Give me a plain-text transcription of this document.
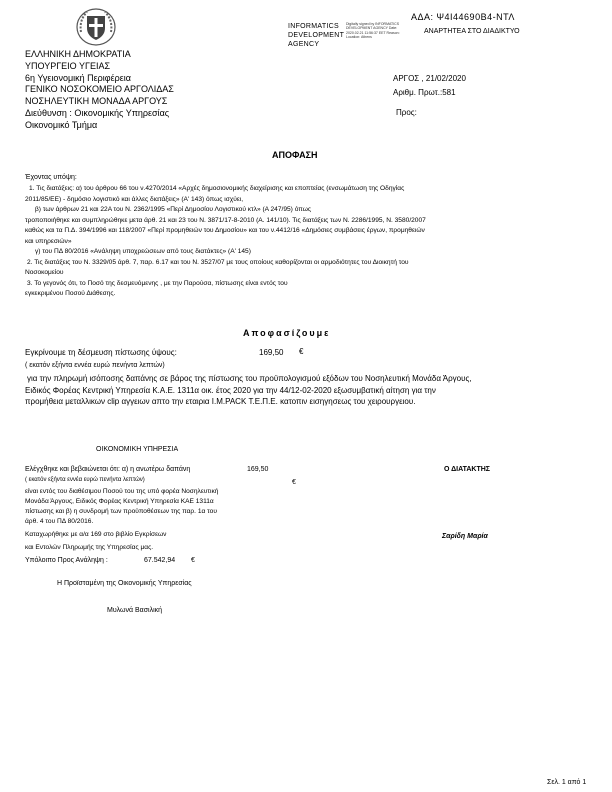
INFORMATICS
DEVELOPMENT
AGENCY
Digitally signed by INFORMATICS DEVELOPMENT AGENCY Date: 2020.02.21 11:56:37 EET Reason: Location: Athens
ΑΔΑ: Ψ4Ι44690Β4-ΝΤΛ
ΑΝΑΡΤΗΤΕΑ ΣΤΟ ΔΙΑΔΙΚΤΥΟ
ΕΛΛΗΝΙΚΗ ΔΗΜΟΚΡΑΤΙΑ
ΥΠΟΥΡΓΕΙΟ ΥΓΕΙΑΣ
6η Υγειονομική Περιφέρεια
ΓΕΝΙΚΟ ΝΟΣΟΚΟΜΕΙΟ ΑΡΓΟΛΙΔΑΣ
ΝΟΣΗΛΕΥΤΙΚΗ ΜΟΝΑΔΑ ΑΡΓΟΥΣ
Διεύθυνση : Οικονομικής Υπηρεσίας
Οικονομικό Τμήμα
ΑΡΓΟΣ , 21/02/2020
Αριθμ. Πρωτ.:581
Προς:
ΑΠΟΦΑΣΗ
Έχοντας υπόψη:
1. Τις διατάξεις: α) του άρθρου 66 του ν.4270/2014 «Αρχές δημοσιονομικής διαχείρισης και εποπτείας (ενσωμάτωση της Οδηγίας
2011/85/ΕΕ) - δημόσιο λογιστικό και άλλες διατάξεις» (Α' 143) όπως ισχύει,
β) των άρθρων 21 και 22Α του Ν. 2362/1995 «Περί Δημοσίου Λογιστικού κτλ» (Α 247/95) όπως
τροποποιήθηκε και συμπληρώθηκε μετα άρθ. 21 και 23 του Ν. 3871/17-8-2010 (Α. 141/10). Τις διατάξεις των Ν. 2286/1995, Ν. 3580/2007
καθώς και τα Π.Δ. 394/1996 και 118/2007 «Περί προμηθειών του Δημοσίου» και του ν.4412/16 «Δημόσιες συμβάσεις έργων, προμηθειών
και υπηρεσιών»
γ) του ΠΔ 80/2016 «Ανάληψη υποχρεώσεων από τους διατάκτες» (Α' 145)
2. Τις διατάξεις του Ν. 3329/05 άρθ. 7, παρ. 6.17 και του Ν. 3527/07 με τους οποίους καθορίζονται οι αρμοδιότητες του Διοικητή του
Νοσοκομείου
3. Το γεγονός ότι, το Ποσό της δεσμευόμενης , με την Παρούσα, πίστωσης είναι εντός του
εγκεκριμένου Ποσού Διάθεσης.
Αποφασίζουμε
Εγκρίνουμε τη δέσμευση πίστωσης ύψους:	169,50 €
( εκατόν εξήντα εννέα ευρώ πενήντα λεπτών)
για την πληρωμή ισόποσης δαπάνης σε βάρος της πίστωσης του προϋπολογισμού εξόδων του Νοσηλευτική Μονάδα Άργους,
Ειδικός Φορέας Κεντρική Υπηρεσία Κ.Α.Ε. 1311α οικ. έτος 2020 για την 44/12-02-2020 εξωσυμβατική αίτηση για την
προμήθεια μεταλλικων clip αγγειων απτο την εταιρια Ι.Μ.PACK Τ.Ε.Π.Ε. κατοπιν εισηγησεως του χειρουργειου.
ΟΙΚΟΝΟΜΙΚΗ ΥΠΗΡΕΣΙΑ
Ελέγχθηκε και βεβαιώνεται ότι: α) η ανωτέρω δαπάνη	169,50
( εκατόν εξήντα εννέα ευρώ πενήντα λεπτών)	€
είναι εντός του διαθέσιμου Ποσού του της υπό φορέα Νοσηλευτική
Μονάδα Άργους, Ειδικός Φορέας Κεντρική Υπηρεσία ΚΑΕ 1311α
πίστωσης και β) η συνδρομή των προϋποθέσεων της παρ. 1α του
άρθ. 4 του ΠΔ 80/2016.
Καταχωρήθηκε με α/α 169 στο βιβλίο Εγκρίσεων
και Εντολών Πληρωμής της Υπηρεσίας μας.
Υπόλοιπο Προς Ανάληψη :	67.542,94 €
Η Προϊσταμένη της Οικονομικής Υπηρεσίας
Μυλωνά Βασιλική
Ο ΔΙΑΤΑΚΤΗΣ
Σαρίδη Μαρία
Σελ. 1 από 1
